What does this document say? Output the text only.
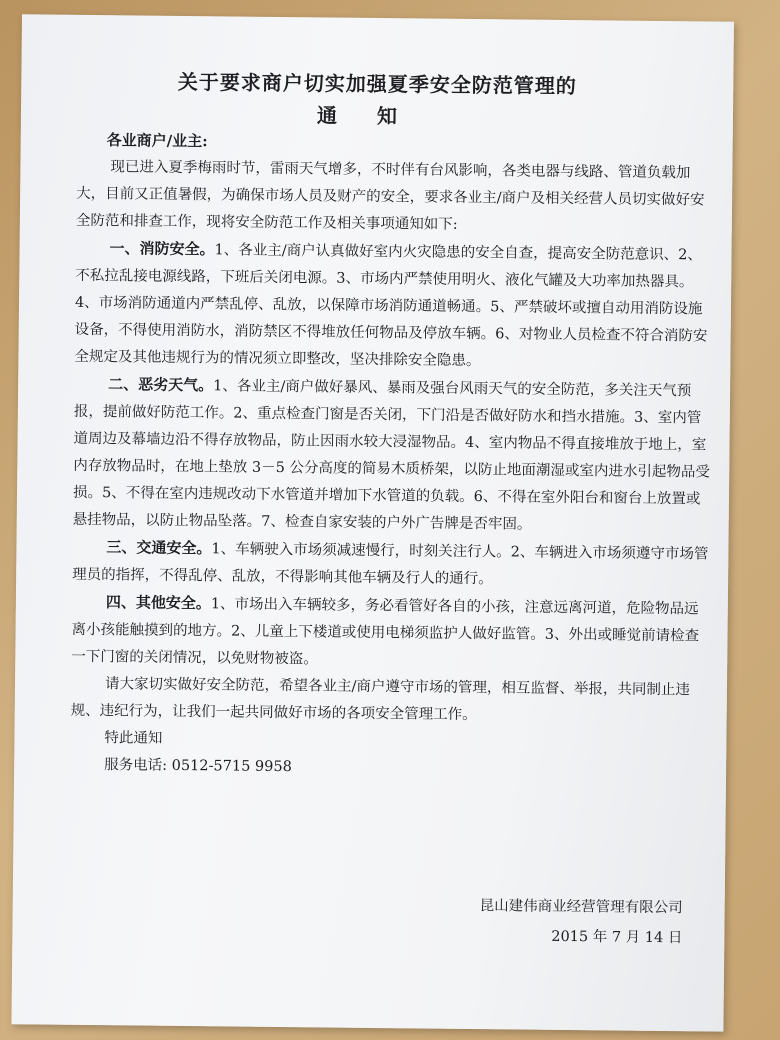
关于要求商户切实加强夏季安全防范管理的
通知

各业商户/业主:

现已进入夏季梅雨时节，雷雨天气增多，不时伴有台风影响，各类电器与线路、管道负载加大，目前又正值暑假，为确保市场人员及财产的安全，要求各业主/商户及相关经营人员切实做好安全防范和排查工作，现将安全防范工作及相关事项通知如下:

一、消防安全。1、各业主/商户认真做好室内火灾隐患的安全自查，提高安全防范意识、2、不私拉乱接电源线路，下班后关闭电源。3、市场内严禁使用明火、液化气罐及大功率加热器具。4、市场消防通道内严禁乱停、乱放，以保障市场消防通道畅通。5、严禁破坏或擅自动用消防设施设备，不得使用消防水，消防禁区不得堆放任何物品及停放车辆。6、对物业人员检查不符合消防安全规定及其他违规行为的情况须立即整改，坚决排除安全隐患。

二、恶劣天气。1、各业主/商户做好暴风、暴雨及强台风雨天气的安全防范，多关注天气预报，提前做好防范工作。2、重点检查门窗是否关闭，下门沿是否做好防水和挡水措施。3、室内管道周边及幕墙边沿不得存放物品，防止因雨水较大浸湿物品。4、室内物品不得直接堆放于地上，室内存放物品时，在地上垫放 3－5 公分高度的简易木质桥架，以防止地面潮湿或室内进水引起物品受损。5、不得在室内违规改动下水管道并增加下水管道的负载。6、不得在室外阳台和窗台上放置或悬挂物品，以防止物品坠落。7、检查自家安装的户外广告牌是否牢固。

三、交通安全。1、车辆驶入市场须减速慢行，时刻关注行人。2、车辆进入市场须遵守市场管理员的指挥，不得乱停、乱放，不得影响其他车辆及行人的通行。

四、其他安全。1、市场出入车辆较多，务必看管好各自的小孩，注意远离河道，危险物品远离小孩能触摸到的地方。2、儿童上下楼道或使用电梯须监护人做好监管。3、外出或睡觉前请检查一下门窗的关闭情况，以免财物被盗。

请大家切实做好安全防范，希望各业主/商户遵守市场的管理，相互监督、举报，共同制止违规、违纪行为，让我们一起共同做好市场的各项安全管理工作。

特此通知

服务电话: 0512-5715 9958

昆山建伟商业经营管理有限公司
2015 年 7 月 14 日
